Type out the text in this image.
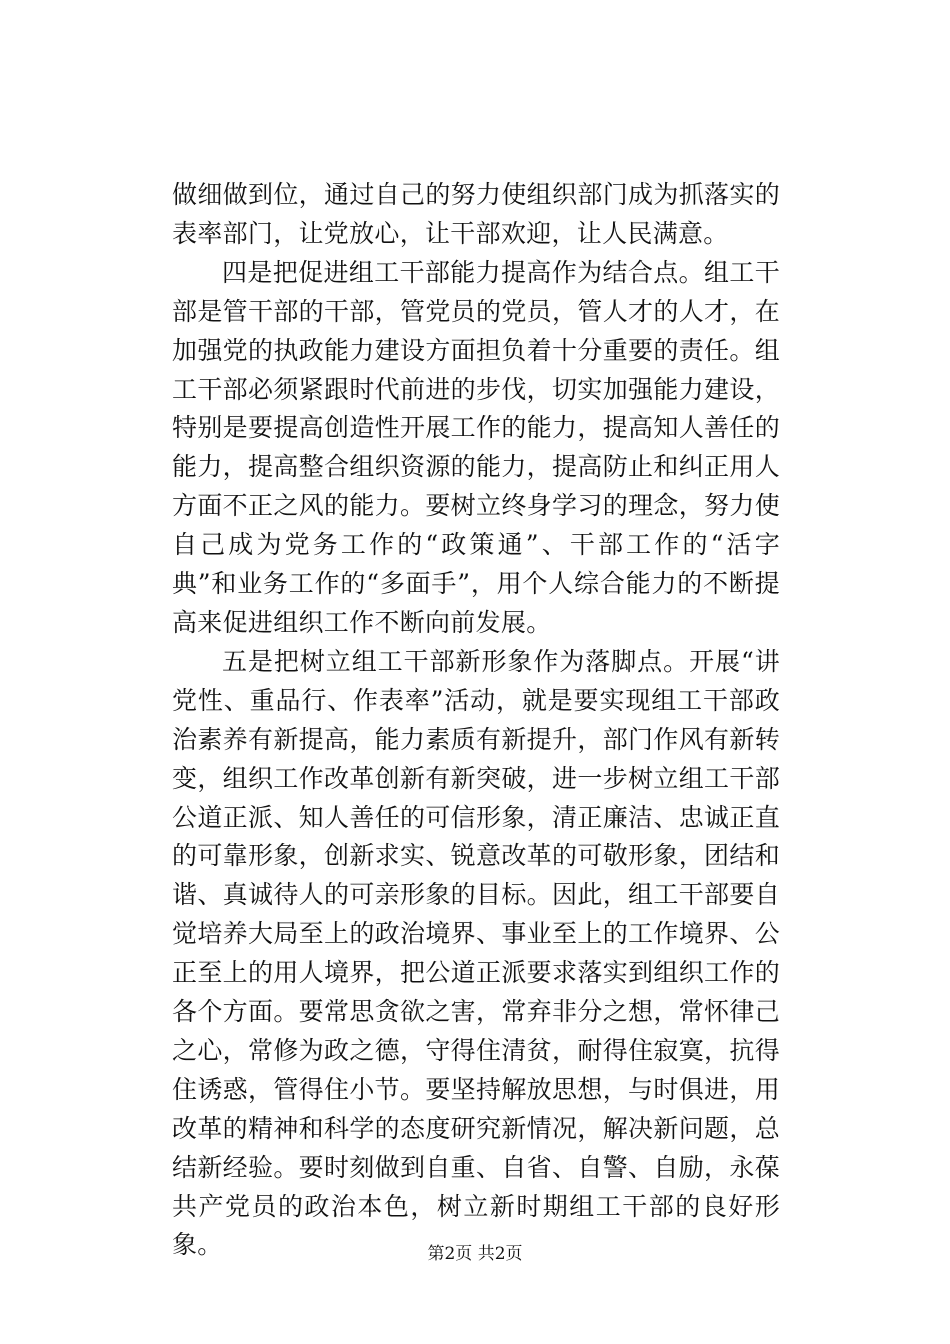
做细做到位，通过自己的努力使组织部门成为抓落实的表率部门，让党放心，让干部欢迎，让人民满意。

四是把促进组工干部能力提高作为结合点。组工干部是管干部的干部，管党员的党员，管人才的人才，在加强党的执政能力建设方面担负着十分重要的责任。组工干部必须紧跟时代前进的步伐，切实加强能力建设，特别是要提高创造性开展工作的能力，提高知人善任的能力，提高整合组织资源的能力，提高防止和纠正用人方面不正之风的能力。要树立终身学习的理念，努力使自己成为党务工作的“政策通”、干部工作的“活字典”和业务工作的“多面手”，用个人综合能力的不断提高来促进组织工作不断向前发展。

五是把树立组工干部新形象作为落脚点。开展“讲党性、重品行、作表率”活动，就是要实现组工干部政治素养有新提高，能力素质有新提升，部门作风有新转变，组织工作改革创新有新突破，进一步树立组工干部公道正派、知人善任的可信形象，清正廉洁、忠诚正直的可靠形象，创新求实、锐意改革的可敬形象，团结和谐、真诚待人的可亲形象的目标。因此，组工干部要自觉培养大局至上的政治境界、事业至上的工作境界、公正至上的用人境界，把公道正派要求落实到组织工作的各个方面。要常思贪欲之害，常弃非分之想，常怀律己之心，常修为政之德，守得住清贫，耐得住寂寞，抗得住诱惑，管得住小节。要坚持解放思想，与时俱进，用改革的精神和科学的态度研究新情况，解决新问题，总结新经验。要时刻做到自重、自省、自警、自励，永葆共产党员的政治本色，树立新时期组工干部的良好形象。	第2页 共2页
